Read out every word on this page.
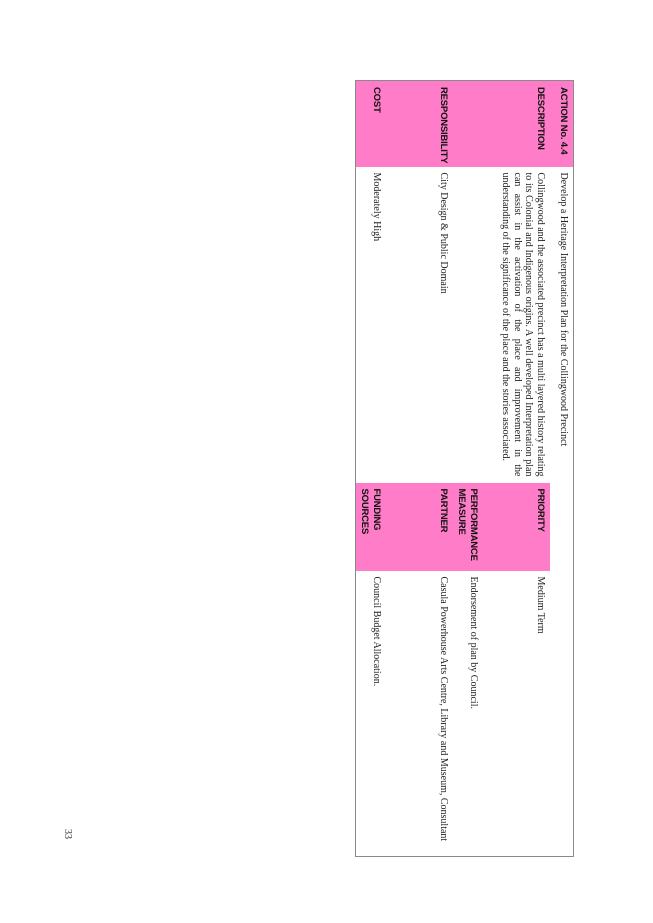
ACTION No. 4.4	Develop a Heritage Interpretation Plan for the Collingwood Precinct		
DESCRIPTION	Collingwood and the associated precinct has a multi layered history relating to its Colonial and Indigenous origins. A well developed Interpretation plan can assist in the activation of the place and improvement in the understanding of the significance of the place and the stories associated.	PRIORITY	Medium Term
		PERFORMANCE MEASURE	Endorsement of plan by Council.
RESPONSIBILITY	City Design & Public Domain	PARTNER	Casula Powerhouse Arts Centre, Library and Museum, Consultant
COST	Moderately High	FUNDING SOURCES	Council Budget Allocation.
33
